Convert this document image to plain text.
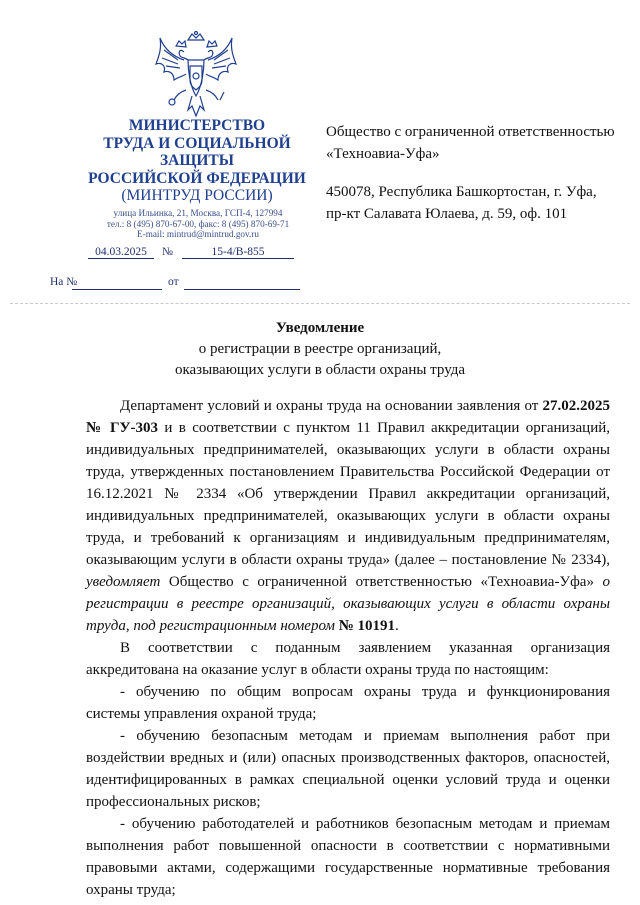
МИНИСТЕРСТВО
ТРУДА И СОЦИАЛЬНОЙ
ЗАЩИТЫ
РОССИЙСКОЙ ФЕДЕРАЦИИ
(МИНТРУД РОССИИ)
улица Ильинка, 21, Москва, ГСП-4, 127994
тел.: 8 (495) 870-67-00, факс: 8 (495) 870-69-71
E-mail: mintrud@mintrud.gov.ru
04.03.2025	№	15-4/В-855
На №	от
Общество с ограниченной ответственностью «Техноавиа-Уфа»
450078, Республика Башкортостан, г. Уфа, пр-кт Салавата Юлаева, д. 59, оф. 101
Уведомление
о регистрации в реестре организаций,
оказывающих услуги в области охраны труда

Департамент условий и охраны труда на основании заявления от 27.02.2025 № ГУ-303 и в соответствии с пунктом 11 Правил аккредитации организаций, индивидуальных предпринимателей, оказывающих услуги в области охраны труда, утвержденных постановлением Правительства Российской Федерации от 16.12.2021 № 2334 «Об утверждении Правил аккредитации организаций, индивидуальных предпринимателей, оказывающих услуги в области охраны труда, и требований к организациям и индивидуальным предпринимателям, оказывающим услуги в области охраны труда» (далее – постановление № 2334), уведомляет Общество с ограниченной ответственностью «Техноавиа-Уфа» о регистрации в реестре организаций, оказывающих услуги в области охраны труда, под регистрационным номером № 10191.

В соответствии с поданным заявлением указанная организация аккредитована на оказание услуг в области охраны труда по настоящим:

- обучению по общим вопросам охраны труда и функционирования системы управления охраной труда;

- обучению безопасным методам и приемам выполнения работ при воздействии вредных и (или) опасных производственных факторов, опасностей, идентифицированных в рамках специальной оценки условий труда и оценки профессиональных рисков;

- обучению работодателей и работников безопасным методам и приемам выполнения работ повышенной опасности в соответствии с нормативными правовыми актами, содержащими государственные нормативные требования охраны труда;
